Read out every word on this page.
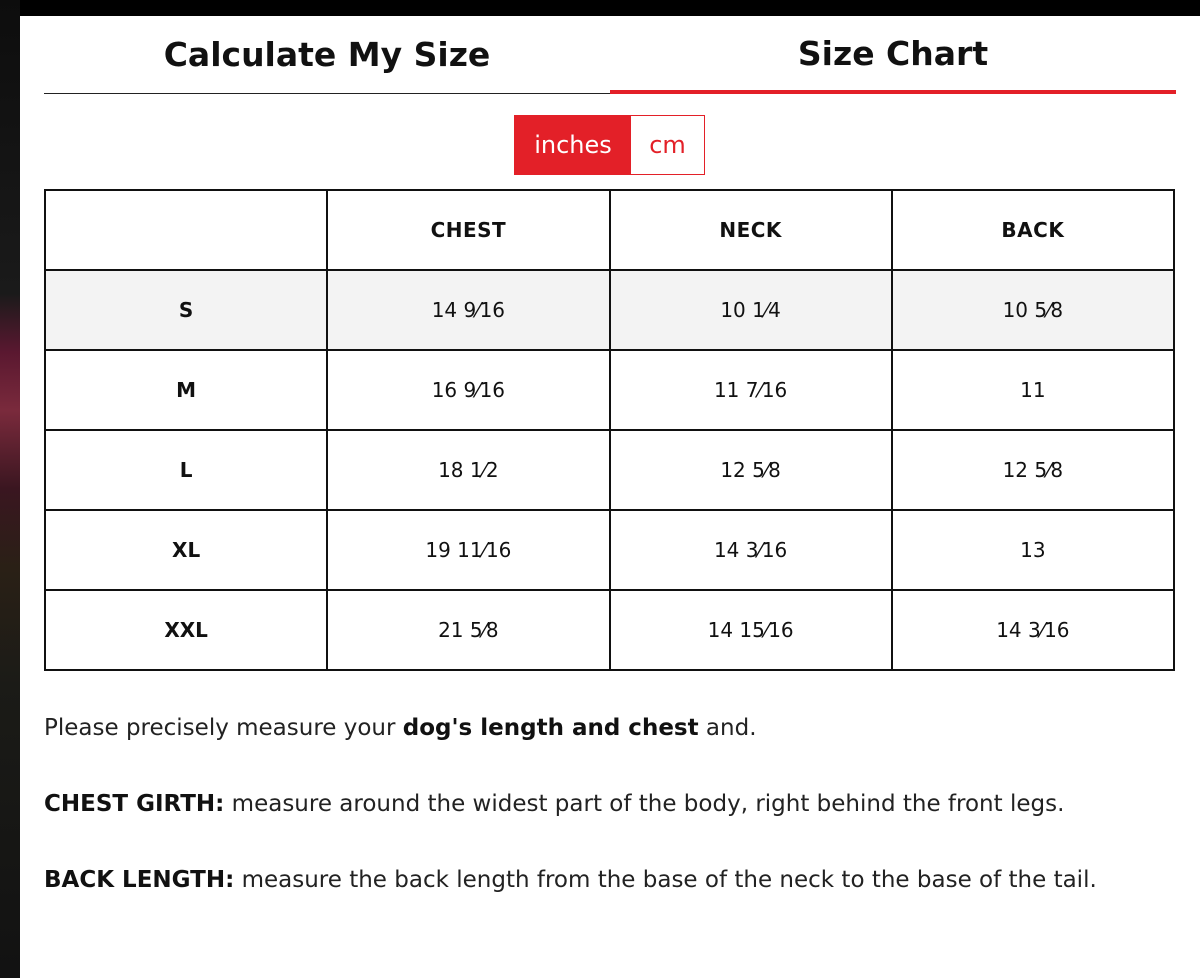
Calculate My Size	Size Chart
inches	cm
	CHEST	NECK	BACK
S	14 9⁄16	10 1⁄4	10 5⁄8
M	16 9⁄16	11 7⁄16	11
L	18 1⁄2	12 5⁄8	12 5⁄8
XL	19 11⁄16	14 3⁄16	13
XXL	21 5⁄8	14 15⁄16	14 3⁄16

Please precisely measure your dog's length and chest and.

CHEST GIRTH: measure around the widest part of the body, right behind the front legs.

BACK LENGTH: measure the back length from the base of the neck to the base of the tail.
